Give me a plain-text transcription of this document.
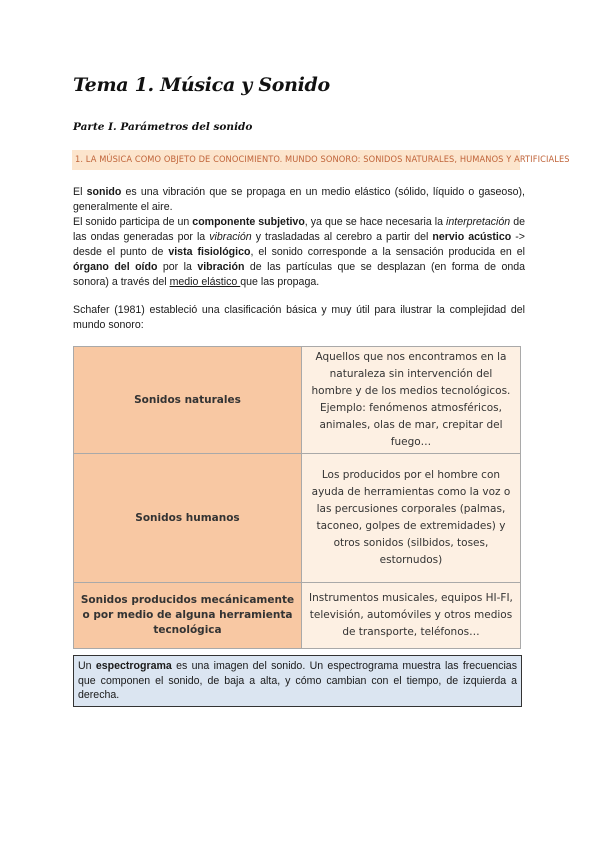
Tema 1. Música y Sonido
Parte I. Parámetros del sonido
1. LA MÚSICA COMO OBJETO DE CONOCIMIENTO. MUNDO SONORO: SONIDOS NATURALES, HUMANOS Y ARTIFICIALES

El sonido es una vibración que se propaga en un medio elástico (sólido, líquido o gaseoso), generalmente el aire.

El sonido participa de un componente subjetivo, ya que se hace necesaria la interpretación de las ondas generadas por la vibración y trasladadas al cerebro a partir del nervio acústico -> desde el punto de vista fisiológico, el sonido corresponde a la sensación producida en el órgano del oído por la vibración de las partículas que se desplazan (en forma de onda sonora) a través del medio elástico que las propaga.

Schafer (1981) estableció una clasificación básica y muy útil para ilustrar la complejidad del mundo sonoro:

Sonidos naturales	Aquellos que nos encontramos en la naturaleza sin intervención del hombre y de los medios tecnológicos. Ejemplo: fenómenos atmosféricos, animales, olas de mar, crepitar del fuego…
Sonidos humanos	Los producidos por el hombre con ayuda de herramientas como la voz o las percusiones corporales (palmas, taconeo, golpes de extremidades) y otros sonidos (silbidos, toses, estornudos)
Sonidos producidos mecánicamente o por medio de alguna herramienta tecnológica	Instrumentos musicales, equipos HI-FI, televisión, automóviles y otros medios de transporte, teléfonos…
Un espectrograma es una imagen del sonido. Un espectrograma muestra las frecuencias que componen el sonido, de baja a alta, y cómo cambian con el tiempo, de izquierda a derecha.
